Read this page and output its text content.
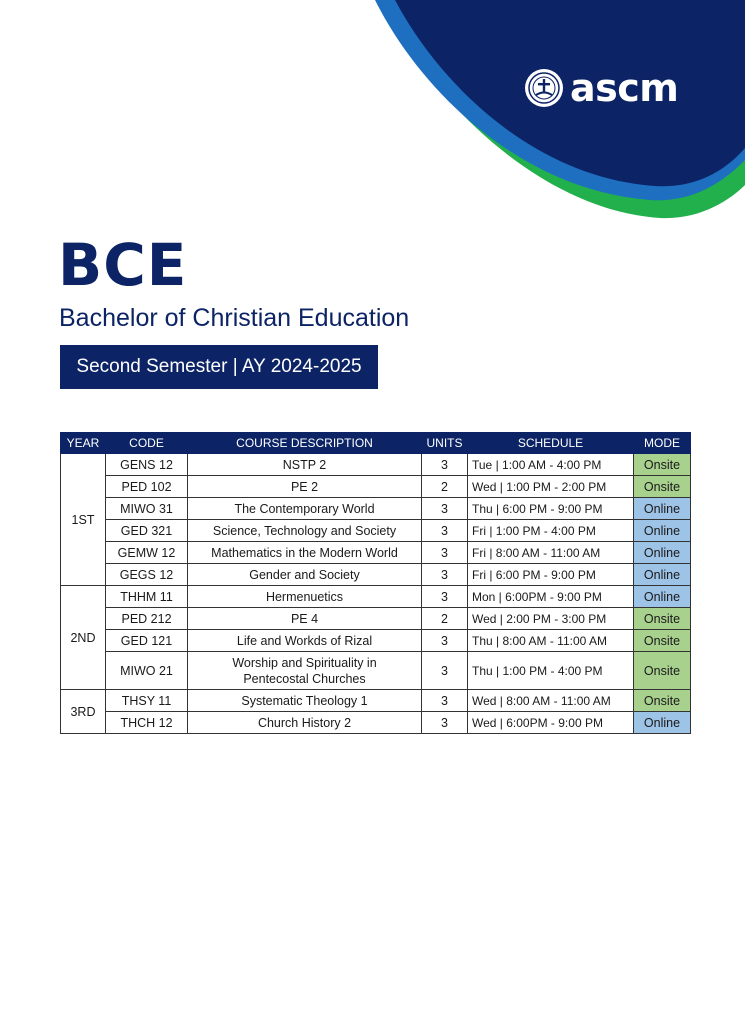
ascm
BCE
Bachelor of Christian Education
Second Semester | AY 2024-2025
YEAR	CODE	COURSE DESCRIPTION	UNITS	SCHEDULE	MODE
1ST	GENS 12	NSTP 2	3	Tue | 1:00 AM - 4:00 PM	Onsite
	PED 102	PE 2	2	Wed | 1:00 PM - 2:00 PM	Onsite
	MIWO 31	The Contemporary World	3	Thu | 6:00 PM - 9:00 PM	Online
	GED 321	Science, Technology and Society	3	Fri | 1:00 PM - 4:00 PM	Online
	GEMW 12	Mathematics in the Modern World	3	Fri | 8:00 AM - 11:00 AM	Online
	GEGS 12	Gender and Society	3	Fri | 6:00 PM - 9:00 PM	Online
2ND	THHM 11	Hermenuetics	3	Mon | 6:00PM - 9:00 PM	Online
	PED 212	PE 4	2	Wed | 2:00 PM - 3:00 PM	Onsite
	GED 121	Life and Workds of Rizal	3	Thu | 8:00 AM - 11:00 AM	Onsite
	MIWO 21	Worship and Spirituality in
Pentecostal Churches	3	Thu | 1:00 PM - 4:00 PM	Onsite
3RD	THSY 11	Systematic Theology 1	3	Wed | 8:00 AM - 11:00 AM	Onsite
	THCH 12	Church History 2	3	Wed | 6:00PM - 9:00 PM	Online
